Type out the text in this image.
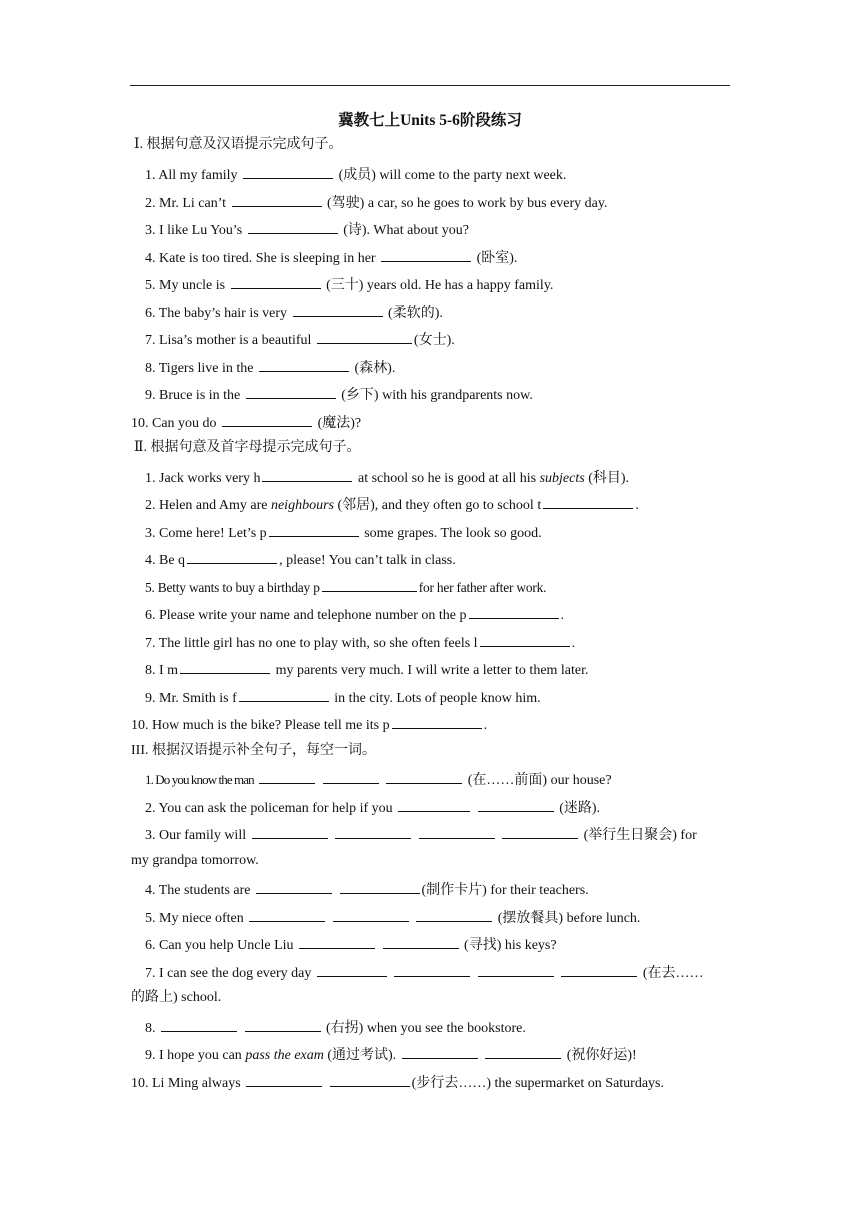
冀教七上Units 5-6阶段练习
Ⅰ. 根据句意及汉语提示完成句子。
1. All my family	(成员) will come to the party next week.
2. Mr. Li can’t	(驾驶) a car, so he goes to work by bus every day.
3. I like Lu You’s	(诗). What about you?
4. Kate is too tired. She is sleeping in her	(卧室).
5. My uncle is	(三十) years old. He has a happy family.
6. The baby’s hair is very	(柔软的).
7. Lisa’s mother is a beautiful	(女士).
8. Tigers live in the	(森林).
9. Bruce is in the	(乡下) with his grandparents now.
10. Can you do	(魔法)?
Ⅱ. 根据句意及首字母提示完成句子。
1. Jack works very h	at school so he is good at all his subjects (科目).
2. Helen and Amy are neighbours (邻居), and they often go to school t	.
3. Come here! Let’s p	some grapes. The look so good.
4. Be q	, please! You can’t talk in class.
5. Betty wants to buy a birthday p	for her father after work.
6. Please write your name and telephone number on the p	.
7. The little girl has no one to play with, so she often feels l	.
8. I m	my parents very much. I will write a letter to them later.
9. Mr. Smith is f	in the city. Lots of people know him.
10. How much is the bike? Please tell me its p	.
III. 根据汉语提示补全句子，每空一词。
1. Do you know the man	(在……前面) our house?
2. You can ask the policeman for help if you	(迷路).
3. Our family will	(举行生日聚会) for
my grandpa tomorrow.
4. The students are	(制作卡片) for their teachers.
5. My niece often	(摆放餐具) before lunch.
6. Can you help Uncle Liu	(寻找) his keys?
7. I can see the dog every day	(在去……
的路上) school.
8.	(右拐) when you see the bookstore.
9. I hope you can pass the exam (通过考试).	(祝你好运)!
10. Li Ming always	(步行去……) the supermarket on Saturdays.
